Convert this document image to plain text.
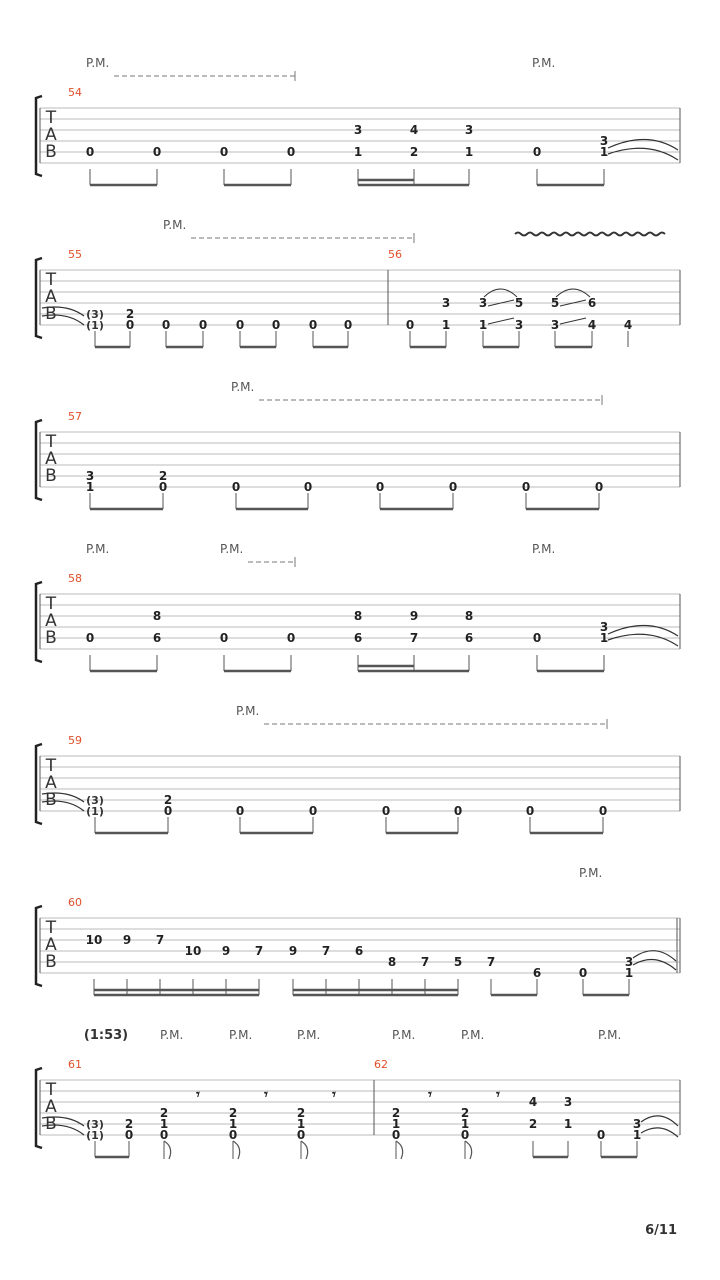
T
A
B
54
P.M.	P.M.
0	0	0	0
3
1
4
2
3
1	0
3
1
T
A
B
55	56
P.M.
(3)
(1)
2
0 0 0 0 0 0 0	0
3
1
3
1
5
3
5
3
6
4 4
T
A
B
57
P.M.
3
1
2
0	0	0	0	0	0	0
T
A
B
58
P.M.	P.M.	P.M.
0
8
6	0	0
8
6
9
7
8
6	0
3
1
T
A
B
59
P.M.
(3)
(1)
2
0	0	0	0	0	0	0
T
A
B
60
P.M.
10 9 7
10 9 7 9 7 6
8 7 5 7
6	0
3
1
T
A
B
61	62
(1:53)	P.M.	P.M.	P.M.	P.M.	P.M.	P.M.
(3)
(1)
2
0
2
1
0
𝄾
2
1
0
𝄾
2
1
0
𝄾
2
1
0
𝄾
2
1
0
𝄾 4
2
3
1
0
3
1
6/11
